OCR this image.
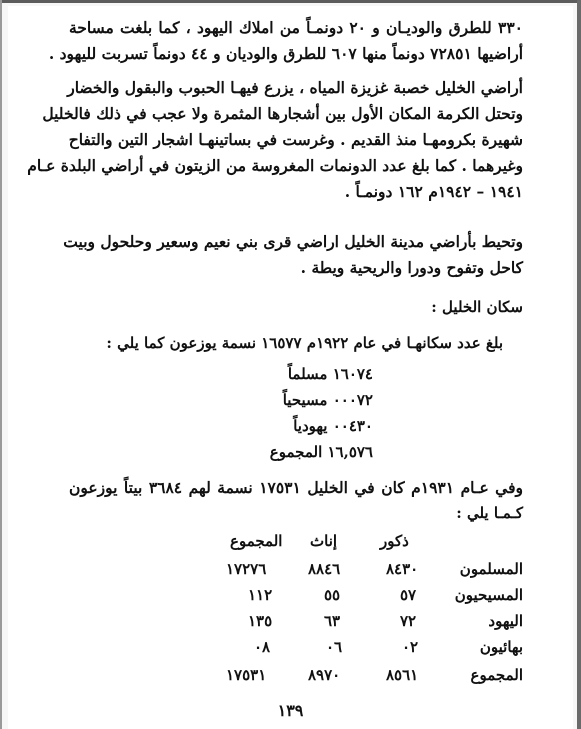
٣٣٠ للطرق والوديـان و ٢٠ دونمـاً من املاك اليهود ، كما بلغت مساحة
أراضيها ٧٢٨٥١ دونماً منها ٦٠٧ للطرق والوديان و ٤٤ دونماً تسربت لليهود .
أراضي الخليل خصبة غزيزة المياه ، يزرع فيهـا الحبوب والبقول والخضار
وتحتل الكرمة المكان الأول بين أشجارها المثمرة ولا عجب في ذلك فالخليل
شهيرة بكرومهـا منذ القديم . وغرست في بساتينهـا اشجار التين والتفاح
وغيرهما . كما بلغ عدد الدونمات المغروسة من الزيتون في أراضي البلدة عـام
١٩٤١ – ١٩٤٢م ١٦٢ دونمـاً .
وتحيط بأراضي مدينة الخليل اراضي قرى بني نعيم وسعير وحلحول وبيت
كاحل وتفوح ودورا والريحية ويطة .
سكان الخليل :
بلغ عدد سكانهـا في عام ١٩٢٢م ١٦٥٧٧ نسمة يوزعون كما يلي :
١٦٠٧٤ مسلماً
٠٠٠٧٢ مسيحياً
٠٠٤٣٠ يهودياً
١٦,٥٧٦ المجموع
وفي عـام ١٩٣١م كان في الخليل ١٧٥٣١ نسمة لهم ٣٦٨٤ بيتاً يوزعون
كـمـا يلي :
ذكور
إناث
المجموع
المسلمون
٨٤٣٠
٨٨٤٦
١٧٢٧٦
المسيحيون
٥٧
٥٥
١١٢
اليهود
٧٢
٦٣
١٣٥
بهائيون
٠٢
٠٦
٠٨
المجموع
٨٥٦١
٨٩٧٠
١٧٥٣١
١٣٩
